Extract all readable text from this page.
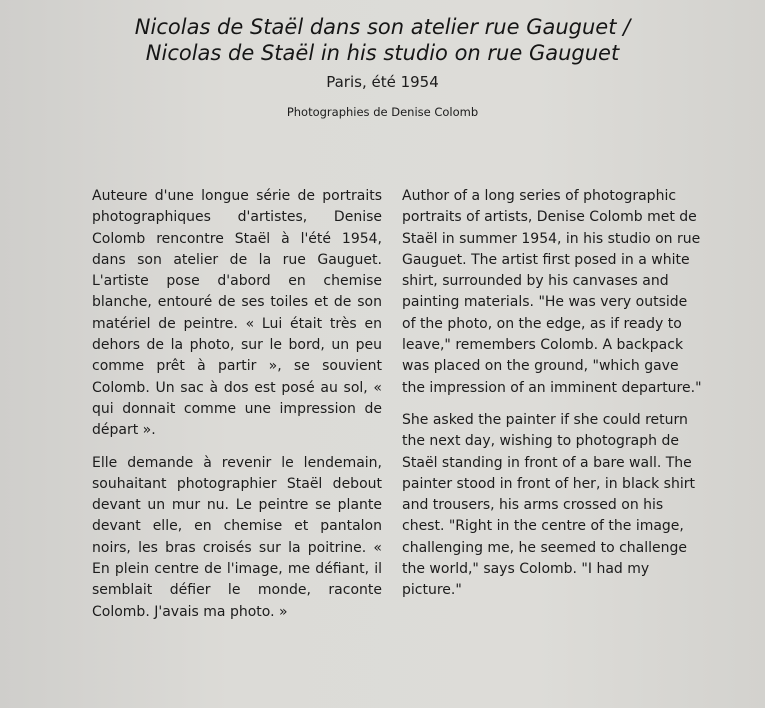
Nicolas de Staël dans son atelier rue Gauguet /
Nicolas de Staël in his studio on rue Gauguet
Paris, été 1954
Photographies de Denise Colomb

Auteure d'une longue série de portraits photographiques d'artistes, Denise Colomb rencontre Staël à l'été 1954, dans son atelier de la rue Gauguet. L'artiste pose d'abord en chemise blanche, entouré de ses toiles et de son matériel de peintre. « Lui était très en dehors de la photo, sur le bord, un peu comme prêt à partir », se souvient Colomb. Un sac à dos est posé au sol, « qui donnait comme une impression de départ ».

Elle demande à revenir le lendemain, souhaitant photographier Staël debout devant un mur nu. Le peintre se plante devant elle, en chemise et pantalon noirs, les bras croisés sur la poitrine. « En plein centre de l'image, me défiant, il semblait défier le monde, raconte Colomb. J'avais ma photo. »

Author of a long series of photographic portraits of artists, Denise Colomb met de Staël in summer 1954, in his studio on rue Gauguet. The artist first posed in a white shirt, surrounded by his canvases and painting materials. "He was very outside of the photo, on the edge, as if ready to leave," remembers Colomb. A backpack was placed on the ground, "which gave the impression of an imminent departure."

She asked the painter if she could return the next day, wishing to photograph de Staël standing in front of a bare wall. The painter stood in front of her, in black shirt and trousers, his arms crossed on his chest. "Right in the centre of the image, challenging me, he seemed to challenge the world," says Colomb. "I had my picture."
